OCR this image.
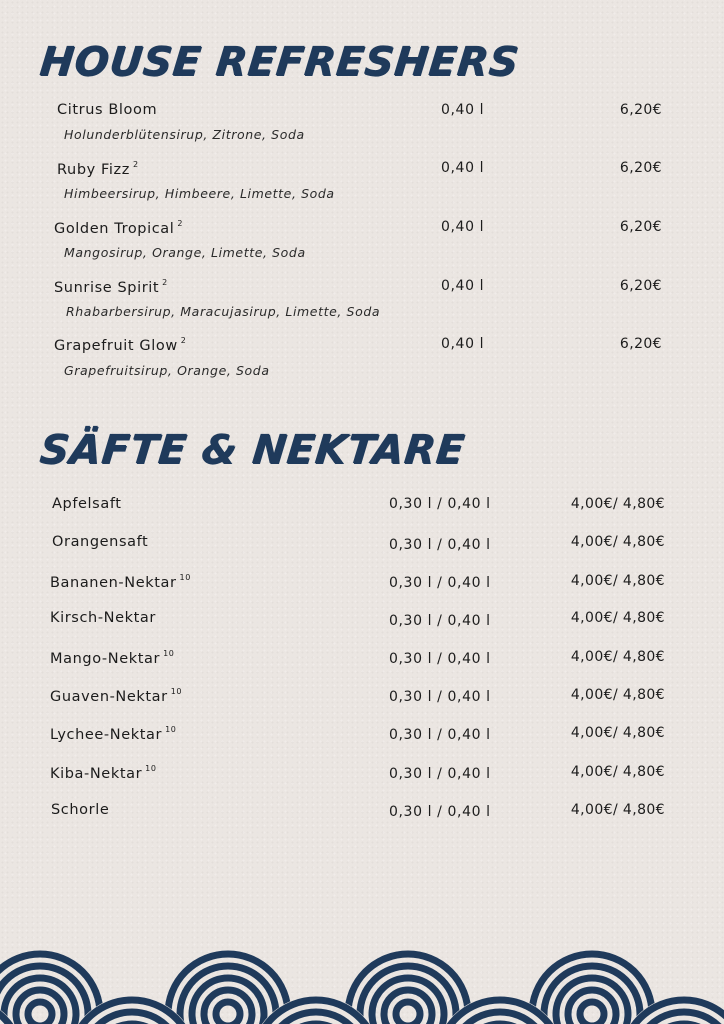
HOUSE REFRESHERS
Citrus Bloom	0,40 l	6,20€
Holunderblütensirup, Zitrone, Soda
Ruby Fizz $^2$	0,40 l	6,20€
Himbeersirup, Himbeere, Limette, Soda
Golden Tropical $^2$	0,40 l	6,20€
Mangosirup, Orange, Limette, Soda
Sunrise Spirit $^2$	0,40 l	6,20€
Rhabarbersirup, Maracujasirup, Limette, Soda
Grapefruit Glow $^2$	0,40 l	6,20€
Grapefruitsirup, Orange, Soda
SÄFTE & NEKTARE
Apfelsaft	0,30 l / 0,40 l	4,00€/ 4,80€
Orangensaft	0,30 l / 0,40 l	4,00€/ 4,80€
Bananen-Nektar $^{10}$	0,30 l / 0,40 l	4,00€/ 4,80€
Kirsch-Nektar	0,30 l / 0,40 l	4,00€/ 4,80€
Mango-Nektar $^{10}$	0,30 l / 0,40 l	4,00€/ 4,80€
Guaven-Nektar $^{10}$	0,30 l / 0,40 l	4,00€/ 4,80€
Lychee-Nektar $^{10}$	0,30 l / 0,40 l	4,00€/ 4,80€
Kiba-Nektar $^{10}$	0,30 l / 0,40 l	4,00€/ 4,80€
Schorle	0,30 l / 0,40 l	4,00€/ 4,80€
